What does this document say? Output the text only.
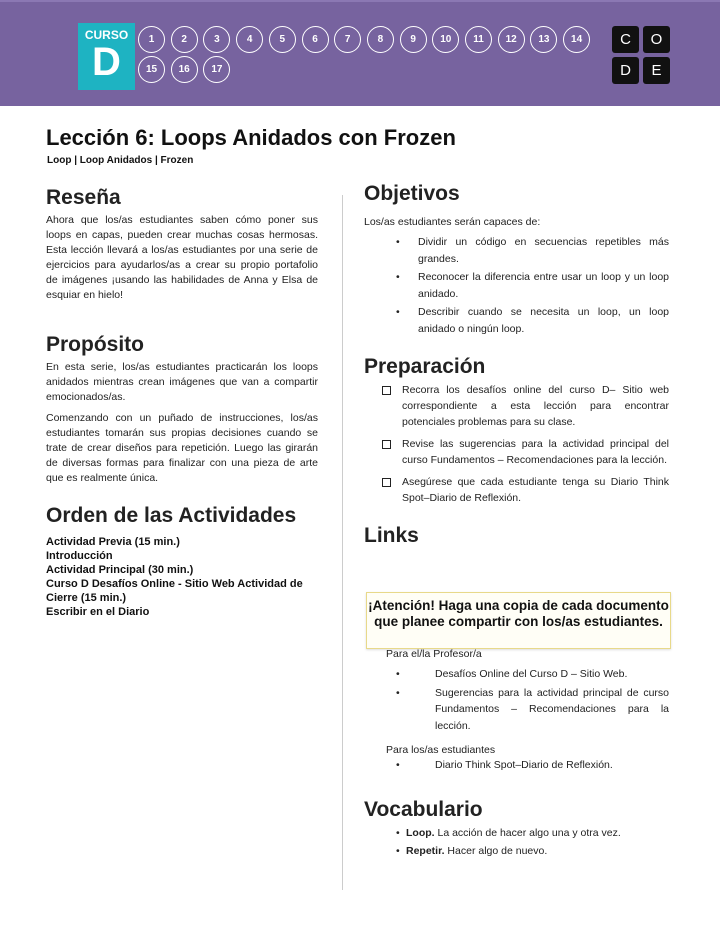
CURSO
D
1	2	3	4	5	6	7	8	9	10	11	12	13	14
15	16	17
C	O
D	E
Lección 6: Loops Anidados con Frozen
Loop | Loop Anidados | Frozen
Reseña

Ahora que los/as estudiantes saben cómo poner sus loops en capas, pueden crear muchas cosas hermosas. Esta lección llevará a los/as estudiantes por una serie de ejercicios para ayudarlos/as a crear su propio portafolio de imágenes ¡usando las habilidades de Anna y Elsa de esquiar en hielo!

Propósito

En esta serie, los/as estudiantes practicarán los loops anidados mientras crean imágenes que van a compartir emocionados/as.

Comenzando con un puñado de instrucciones, los/as estudiantes tomarán sus propias decisiones cuando se trate de crear diseños para repetición. Luego las girarán de diversas formas para finalizar con una pieza de arte que es realmente única.

Orden de las Actividades
Actividad Previa (15 min.)
Introducción
Actividad Principal (30 min.)
Curso D Desafíos Online - Sitio Web Actividad de Cierre (15 min.)
Escribir en el Diario
Objetivos
Los/as estudiantes serán capaces de:
• Dividir un código en secuencias repetibles más grandes.
• Reconocer la diferencia entre usar un loop y un loop anidado.
• Describir cuando se necesita un loop, un loop anidado o ningún loop.
Preparación
Recorra los desafíos online del curso D– Sitio web correspondiente a esta lección para encontrar potenciales problemas para su clase.
Revise las sugerencias para la actividad principal del curso Fundamentos – Recomendaciones para la lección.
Asegúrese que cada estudiante tenga su Diario Think Spot–Diario de Reflexión.
Links
¡Atención! Haga una copia de cada documento que planee compartir con los/as estudiantes.
Para el/la Profesor/a
• Desafíos Online del Curso D – Sitio Web.
• Sugerencias para la actividad principal de curso Fundamentos – Recomendaciones para la lección.
Para los/as estudiantes
• Diario Think Spot–Diario de Reflexión.
Vocabulario
• Loop. La acción de hacer algo una y otra vez.
• Repetir. Hacer algo de nuevo.
